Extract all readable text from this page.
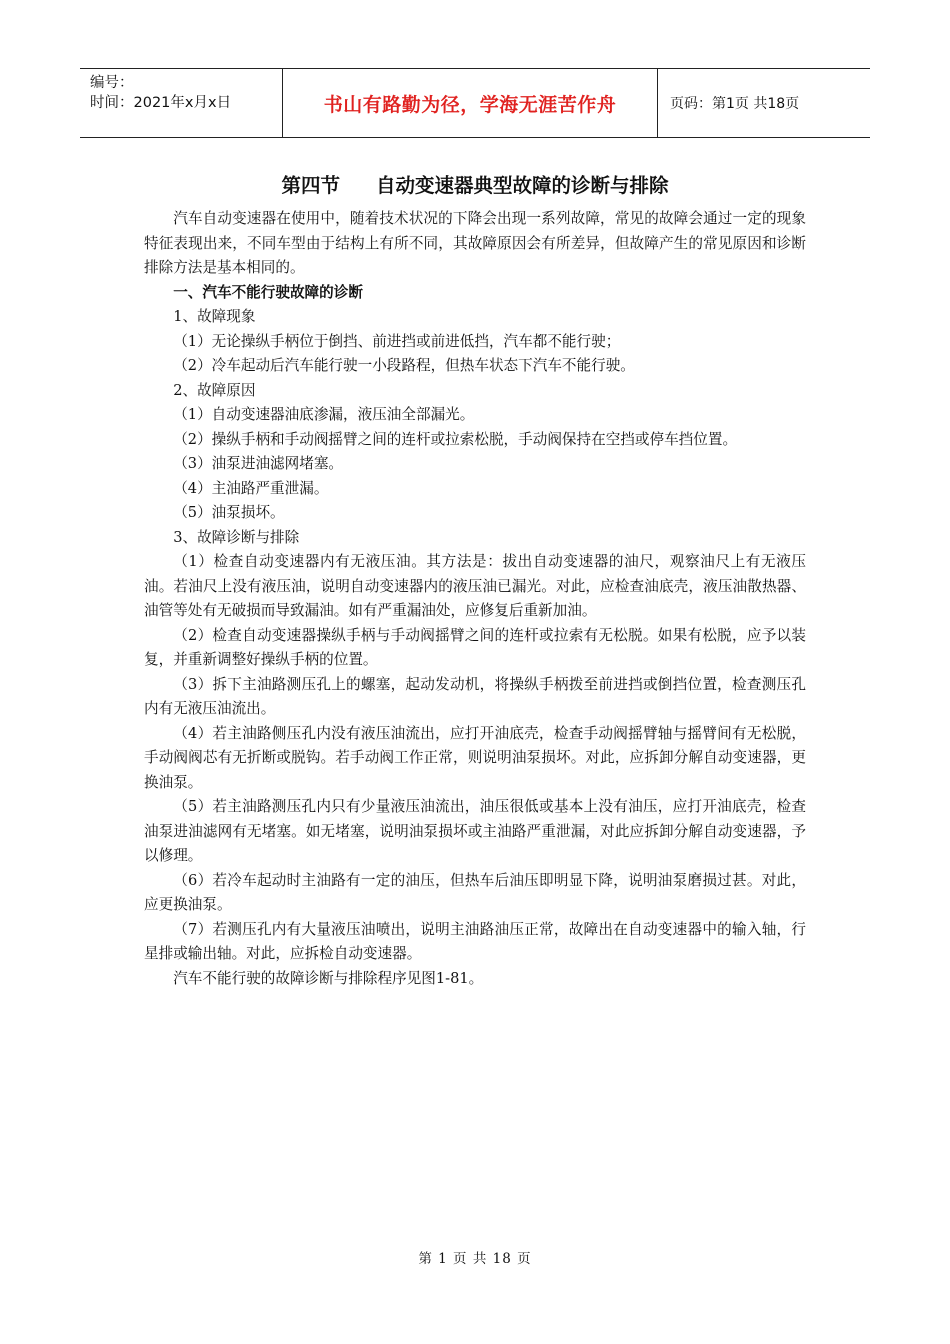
编号：
时间：2021年x月x日	书山有路勤为径，学海无涯苦作舟	页码：第1页 共18页
第四节 自动变速器典型故障的诊断与排除

汽车自动变速器在使用中，随着技术状况的下降会出现一系列故障，常见的故障会通过一定的现象特征表现出来，不同车型由于结构上有所不同，其故障原因会有所差异，但故障产生的常见原因和诊断排除方法是基本相同的。

一、汽车不能行驶故障的诊断

1、故障现象

（1）无论操纵手柄位于倒挡、前进挡或前进低挡，汽车都不能行驶；

（2）冷车起动后汽车能行驶一小段路程，但热车状态下汽车不能行驶。

2、故障原因

（1）自动变速器油底渗漏，液压油全部漏光。

（2）操纵手柄和手动阀摇臂之间的连杆或拉索松脱，手动阀保持在空挡或停车挡位置。

（3）油泵进油滤网堵塞。

（4）主油路严重泄漏。

（5）油泵损坏。

3、故障诊断与排除

（1）检查自动变速器内有无液压油。其方法是：拔出自动变速器的油尺，观察油尺上有无液压油。若油尺上没有液压油，说明自动变速器内的液压油已漏光。对此，应检查油底壳，液压油散热器、油管等处有无破损而导致漏油。如有严重漏油处，应修复后重新加油。

（2）检查自动变速器操纵手柄与手动阀摇臂之间的连杆或拉索有无松脱。如果有松脱，应予以装复，并重新调整好操纵手柄的位置。

（3）拆下主油路测压孔上的螺塞，起动发动机，将操纵手柄拨至前进挡或倒挡位置，检查测压孔内有无液压油流出。

（4）若主油路侧压孔内没有液压油流出，应打开油底壳，检查手动阀摇臂轴与摇臂间有无松脱，手动阀阀芯有无折断或脱钩。若手动阀工作正常，则说明油泵损坏。对此，应拆卸分解自动变速器，更换油泵。

（5）若主油路测压孔内只有少量液压油流出，油压很低或基本上没有油压，应打开油底壳，检查油泵进油滤网有无堵塞。如无堵塞，说明油泵损坏或主油路严重泄漏，对此应拆卸分解自动变速器，予以修理。

（6）若冷车起动时主油路有一定的油压，但热车后油压即明显下降，说明油泵磨损过甚。对此，应更换油泵。

（7）若测压孔内有大量液压油喷出，说明主油路油压正常，故障出在自动变速器中的输入轴，行星排或输出轴。对此，应拆检自动变速器。

汽车不能行驶的故障诊断与排除程序见图1-81。

第 1 页 共 18 页
